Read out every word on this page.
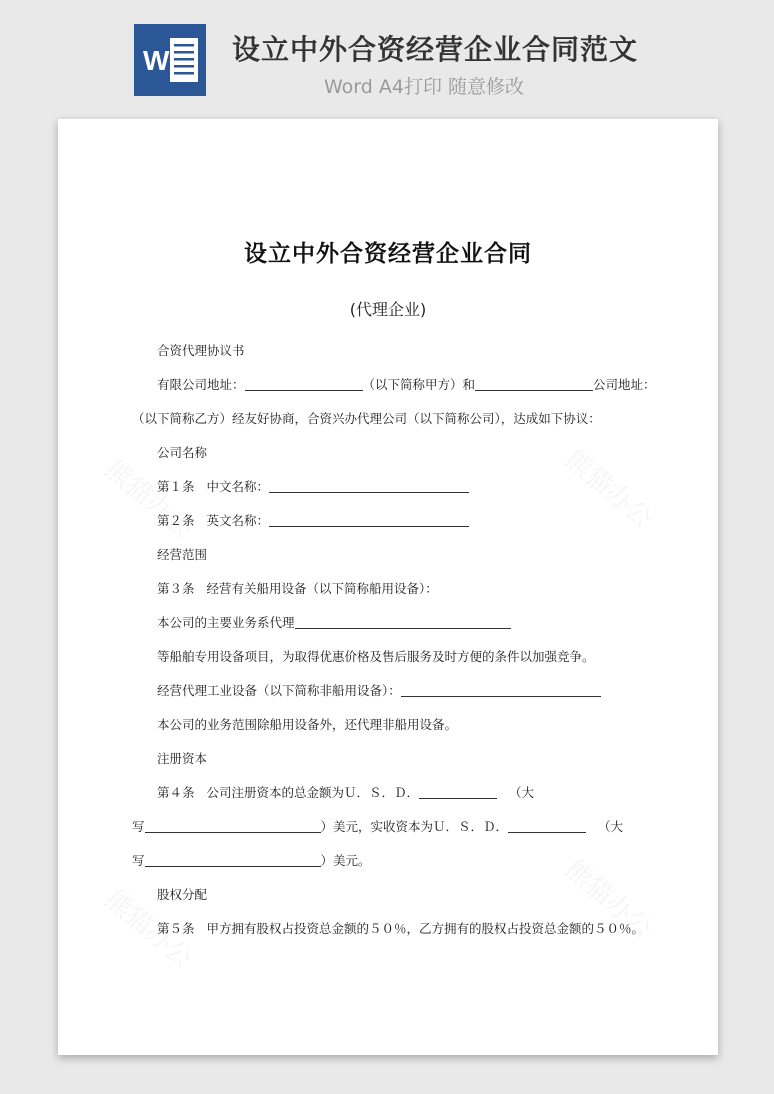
W 设立中外合资经营企业合同范文
Word A4打印 随意修改
设立中外合资经营企业合同
(代理企业)
合资代理协议书
有限公司地址：	（以下简称甲方）和	公司地址：
（以下简称乙方）经友好协商，合资兴办代理公司（以下简称公司），达成如下协议：
公司名称
第１条 中文名称：
第２条 英文名称：
经营范围
第３条 经营有关船用设备（以下简称船用设备）：
本公司的主要业务系代理
等船舶专用设备项目，为取得优惠价格及售后服务及时方便的条件以加强竞争。
经营代理工业设备（以下简称非船用设备）：
本公司的业务范围除船用设备外，还代理非船用设备。
注册资本
第４条 公司注册资本的总金额为Ｕ．Ｓ．Ｄ．	（大
写	）美元，实收资本为Ｕ．Ｓ．Ｄ．	（大
写	）美元。
股权分配
第５条 甲方拥有股权占投资总金额的５０％，乙方拥有的股权占投资总金额的５０％。
